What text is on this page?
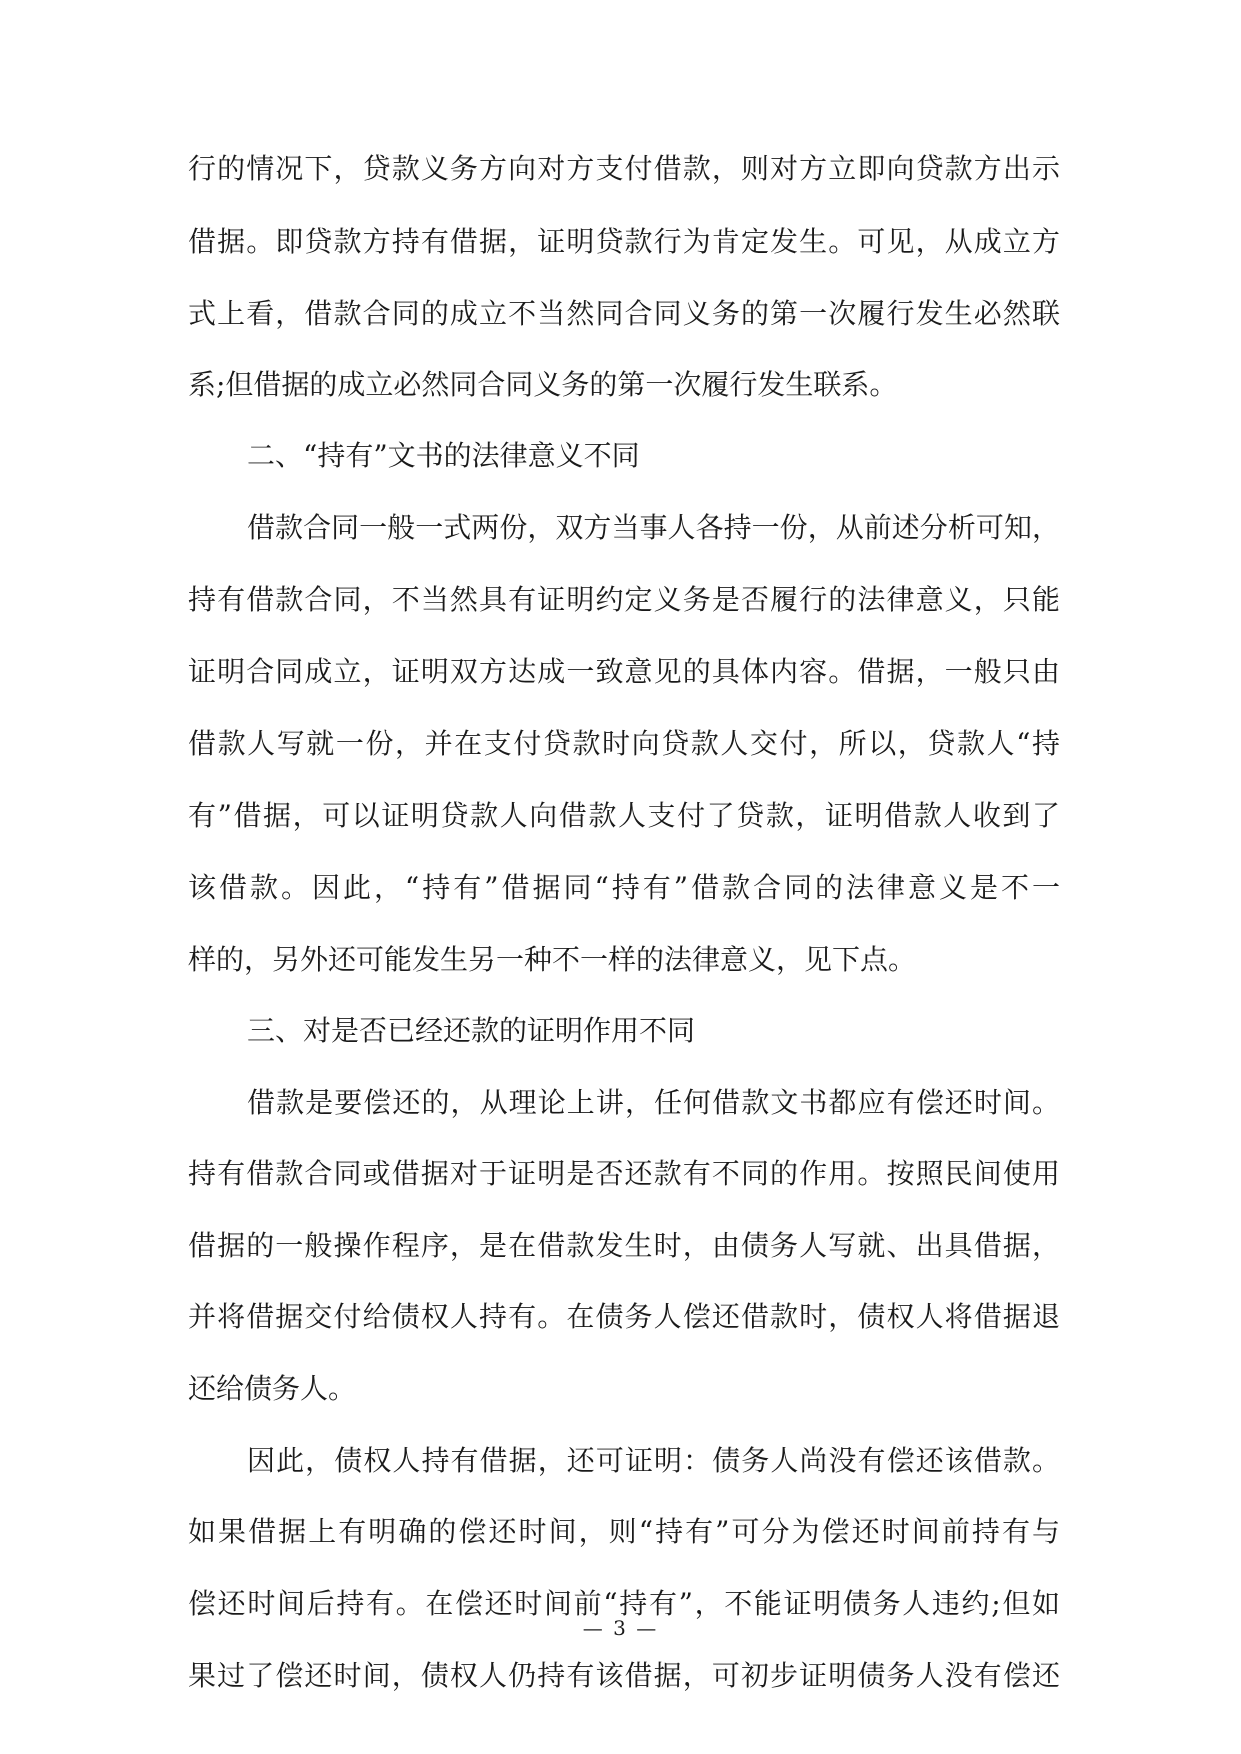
行的情况下，贷款义务方向对方支付借款，则对方立即向贷款方出示
借据。即贷款方持有借据，证明贷款行为肯定发生。可见，从成立方
式上看，借款合同的成立不当然同合同义务的第一次履行发生必然联
系;但借据的成立必然同合同义务的第一次履行发生联系。
二、“持有”文书的法律意义不同
借款合同一般一式两份，双方当事人各持一份，从前述分析可知，
持有借款合同，不当然具有证明约定义务是否履行的法律意义，只能
证明合同成立，证明双方达成一致意见的具体内容。借据，一般只由
借款人写就一份，并在支付贷款时向贷款人交付，所以，贷款人“持
有”借据，可以证明贷款人向借款人支付了贷款，证明借款人收到了
该借款。因此，“持有”借据同“持有”借款合同的法律意义是不一
样的，另外还可能发生另一种不一样的法律意义，见下点。
三、对是否已经还款的证明作用不同
借款是要偿还的，从理论上讲，任何借款文书都应有偿还时间。
持有借款合同或借据对于证明是否还款有不同的作用。按照民间使用
借据的一般操作程序，是在借款发生时，由债务人写就、出具借据，
并将借据交付给债权人持有。在债务人偿还借款时，债权人将借据退
还给债务人。
因此，债权人持有借据，还可证明：债务人尚没有偿还该借款。
如果借据上有明确的偿还时间，则“持有”可分为偿还时间前持有与
偿还时间后持有。在偿还时间前“持有”，不能证明债务人违约;但如
果过了偿还时间，债权人仍持有该借据，可初步证明债务人没有偿还
— 3 —
